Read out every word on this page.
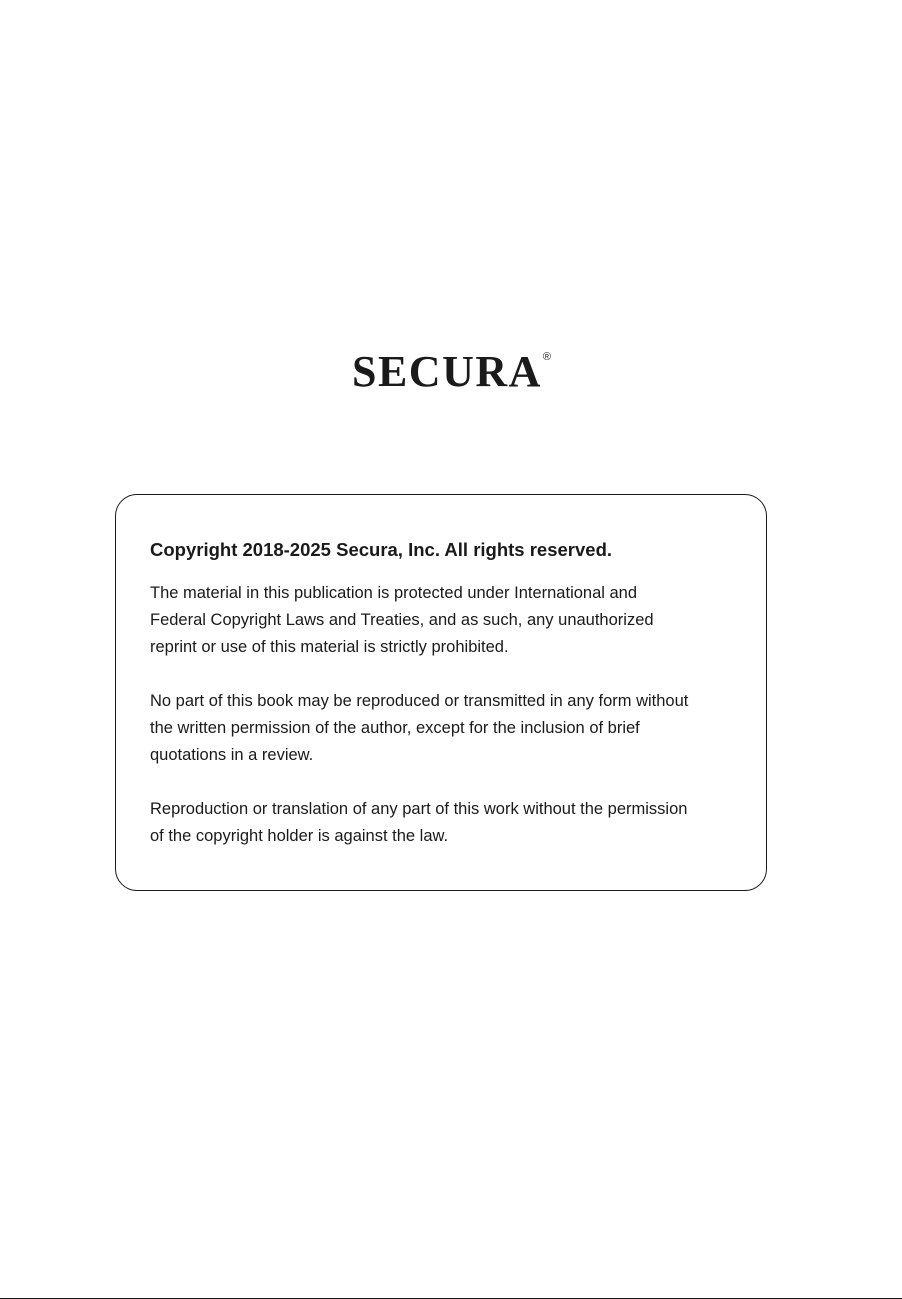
SECURA®
Copyright 2018-2025 Secura, Inc. All rights reserved.

The material in this publication is protected under International and
Federal Copyright Laws and Treaties, and as such, any unauthorized
reprint or use of this material is strictly prohibited.

No part of this book may be reproduced or transmitted in any form without
the written permission of the author, except for the inclusion of brief
quotations in a review.

Reproduction or translation of any part of this work without the permission
of the copyright holder is against the law.
